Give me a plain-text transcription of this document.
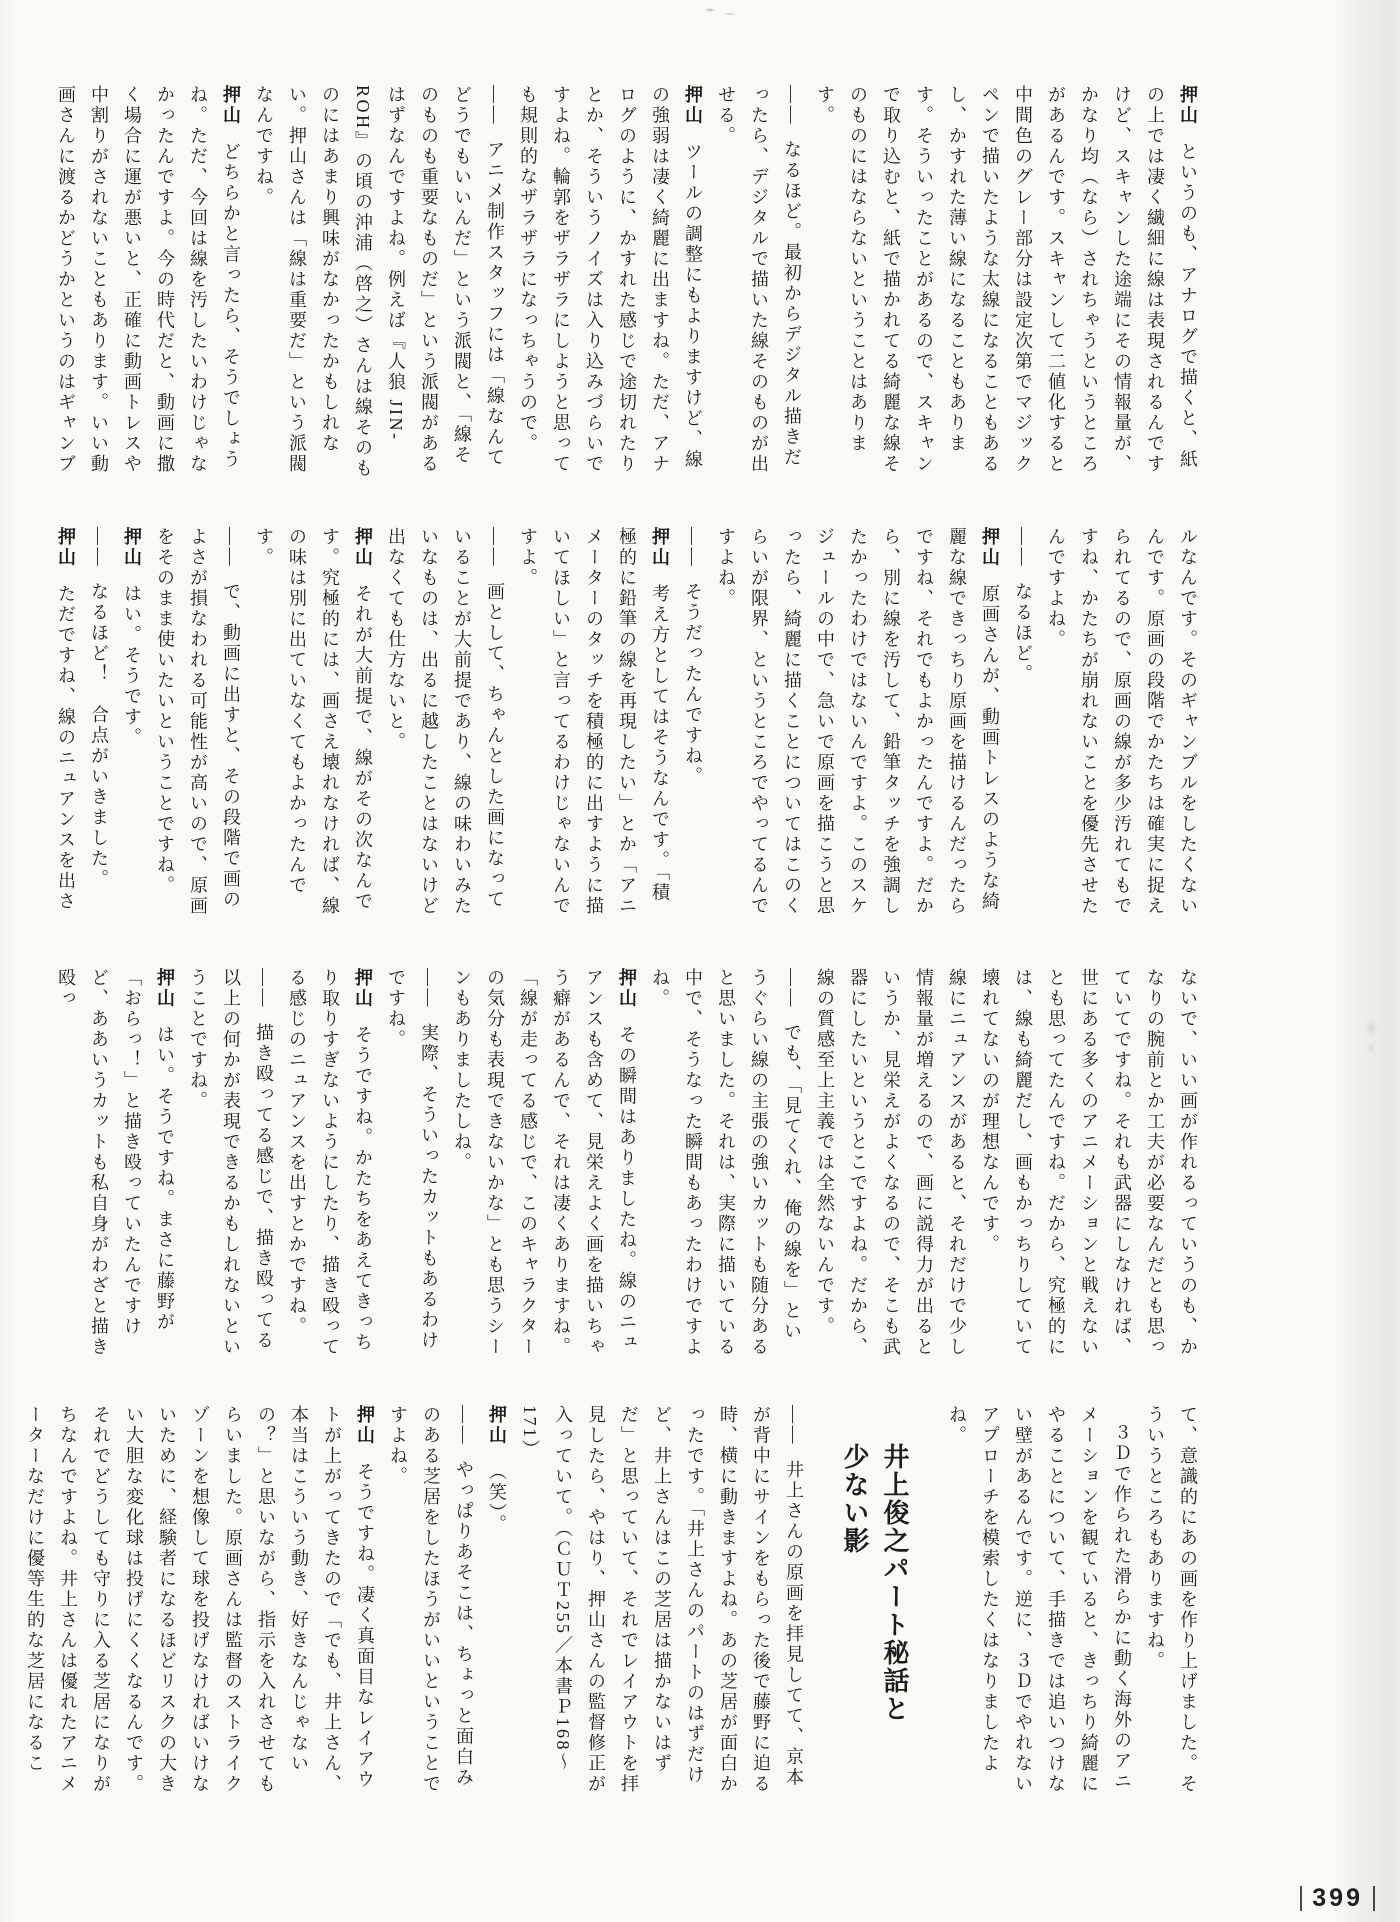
押山というのも、アナログで描くと、紙の上では凄く繊細に線は表現されるんですけど、スキャンした途端にその情報量が、かなり均（なら）されちゃうというところがあるんです。スキャンして二値化すると中間色のグレー部分は設定次第でマジックペンで描いたような太線になることもあるし、かすれた薄い線になることもあります。そういったことがあるので、スキャンで取り込むと、紙で描かれてる綺麗な線そのものにはならないということはあります。

――なるほど。最初からデジタル描きだったら、デジタルで描いた線そのものが出せる。

押山ツールの調整にもよりますけど、線の強弱は凄く綺麗に出ますね。ただ、アナログのように、かすれた感じで途切れたりとか、そういうノイズは入り込みづらいですよね。輪郭をザラザラにしようと思っても規則的なザラザラになっちゃうので。

――アニメ制作スタッフには「線なんてどうでもいいんだ」という派閥と、「線そのものも重要なものだ」という派閥があるはずなんですよね。例えば『人狼 JIN-ROH』の頃の沖浦（啓之）さんは線そのものにはあまり興味がなかったかもしれない。押山さんは「線は重要だ」という派閥なんですね。

押山どちらかと言ったら、そうでしょうね。ただ、今回は線を汚したいわけじゃなかったんですよ。今の時代だと、動画に撒く場合に運が悪いと、正確に動画トレスや中割りがされないこともあります。いい動画さんに渡るかどうかというのはギャンブ

ルなんです。そのギャンブルをしたくないんです。原画の段階でかたちは確実に捉えられてるので、原画の線が多少汚れてもですね、かたちが崩れないことを優先させたんですよね。

――なるほど。

押山原画さんが、動画トレスのような綺麗な線できっちり原画を描けるんだったらですね、それでもよかったんですよ。だから、別に線を汚して、鉛筆タッチを強調したかったわけではないんですよ。このスケジュールの中で、急いで原画を描こうと思ったら、綺麗に描くことについてはこのくらいが限界、というところでやってるんですよね。

――そうだったんですね。

押山考え方としてはそうなんです。「積極的に鉛筆の線を再現したい」とか「アニメーターのタッチを積極的に出すように描いてほしい」と言ってるわけじゃないんですよ。

――画として、ちゃんとした画になっていることが大前提であり、線の味わいみたいなものは、出るに越したことはないけど出なくても仕方ないと。

押山それが大前提で、線がその次なんです。究極的には、画さえ壊れなければ、線の味は別に出ていなくてもよかったんです。

――で、動画に出すと、その段階で画のよさが損なわれる可能性が高いので、原画をそのまま使いたいということですね。

押山はい。そうです。

――なるほど！　合点がいきました。

押山ただですね、線のニュアンスを出さ

ないで、いい画が作れるっていうのも、かなりの腕前とか工夫が必要なんだとも思っていてですね。それも武器にしなければ、世にある多くのアニメーションと戦えないとも思ってたんですね。だから、究極的には、線も綺麗だし、画もかっちりしていて壊れてないのが理想なんです。

線にニュアンスがあると、それだけで少し情報量が増えるので、画に説得力が出るというか、見栄えがよくなるので、そこも武器にしたいというとこですよね。だから、線の質感至上主義では全然ないんです。

――でも、「見てくれ、俺の線を」というぐらい線の主張の強いカットも随分あると思いました。それは、実際に描いている中で、そうなった瞬間もあったわけですよね。

押山その瞬間はありましたね。線のニュアンスも含めて、見栄えよく画を描いちゃう癖があるんで、それは凄くありますね。「線が走ってる感じで、このキャラクターの気分も表現できないかな」とも思うシーンもありましたしね。

――実際、そういったカットもあるわけですね。

押山そうですね。かたちをあえてきっちり取りすぎないようにしたり、描き殴ってる感じのニュアンスを出すとかですね。

――描き殴ってる感じで、描き殴ってる以上の何かが表現できるかもしれないということですね。

押山はい。そうですね。まさに藤野が「おらっ！」と描き殴っていたんですけど、ああいうカットも私自身がわざと描き殴っ

て、意識的にあの画を作り上げました。そういうところもありますね。

３Ｄで作られた滑らかに動く海外のアニメーションを観ていると、きっちり綺麗にやることについて、手描きでは追いつけない壁があるんです。逆に、３Ｄでやれないアプローチを模索したくはなりましたよね。

井上俊之パート秘話と
少ない影

――井上さんの原画を拝見してて、京本が背中にサインをもらった後で藤野に迫る時、横に動きますよね。あの芝居が面白かったです。「井上さんのパートのはずだけど、井上さんはこの芝居は描かないはずだ」と思っていて、それでレイアウトを拝見したら、やはり、押山さんの監督修正が入っていて。（ＣＵＴ255／本書Ｐ168～171）

押山（笑）。

――やっぱりあそこは、ちょっと面白みのある芝居をしたほうがいいということですよね。

押山そうですね。凄く真面目なレイアウトが上がってきたので「でも、井上さん、本当はこういう動き、好きなんじゃないの？」と思いながら、指示を入れさせてもらいました。原画さんは監督のストライクゾーンを想像して球を投げなければいけないために、経験者になるほどリスクの大きい大胆な変化球は投げにくくなるんです。それでどうしても守りに入る芝居になりがちなんですよね。井上さんは優れたアニメーターなだけに優等生的な芝居になるこ

399
